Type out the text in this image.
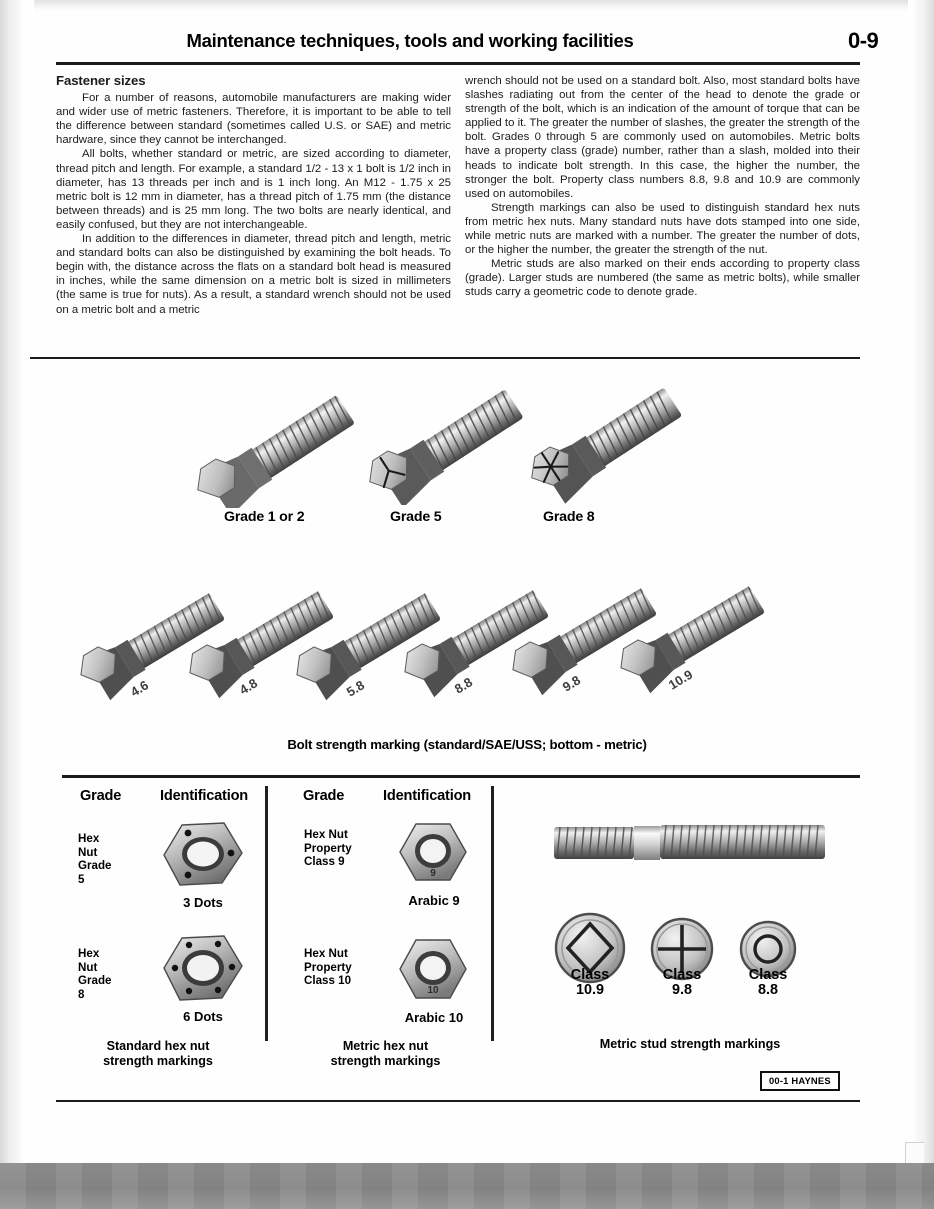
Maintenance techniques, tools and working facilities	0-9
Fastener sizes

For a number of reasons, automobile manufacturers are making wider and wider use of metric fasteners. Therefore, it is important to be able to tell the difference between standard (sometimes called U.S. or SAE) and metric hardware, since they cannot be interchanged.

All bolts, whether standard or metric, are sized according to diameter, thread pitch and length. For example, a standard 1/2 - 13 x 1 bolt is 1/2 inch in diameter, has 13 threads per inch and is 1 inch long. An M12 - 1.75 x 25 metric bolt is 12 mm in diameter, has a thread pitch of 1.75 mm (the distance between threads) and is 25 mm long. The two bolts are nearly identical, and easily confused, but they are not interchangeable.

In addition to the differences in diameter, thread pitch and length, metric and standard bolts can also be distinguished by examining the bolt heads. To begin with, the distance across the flats on a standard bolt head is measured in inches, while the same dimension on a metric bolt is sized in millimeters (the same is true for nuts). As a result, a standard wrench should not be used on a metric bolt and a metric

wrench should not be used on a standard bolt. Also, most standard bolts have slashes radiating out from the center of the head to denote the grade or strength of the bolt, which is an indication of the amount of torque that can be applied to it. The greater the number of slashes, the greater the strength of the bolt. Grades 0 through 5 are commonly used on automobiles. Metric bolts have a property class (grade) number, rather than a slash, molded into their heads to indicate bolt strength. In this case, the higher the number, the stronger the bolt. Property class numbers 8.8, 9.8 and 10.9 are commonly used on automobiles.

Strength markings can also be used to distinguish standard hex nuts from metric hex nuts. Many standard nuts have dots stamped into one side, while metric nuts are marked with a number. The greater the number of dots, or the higher the number, the greater the strength of the nut.

Metric studs are also marked on their ends according to property class (grade). Larger studs are numbered (the same as metric bolts), while smaller studs carry a geometric code to denote grade.

Grade 1 or 2	Grade 5	Grade 8
4.6	4.8	5.8	8.8	9.8	10.9
Bolt strength marking (standard/SAE/USS; bottom - metric)
Grade	Identification
Hex Nut
Grade 5
3 Dots
Hex Nut
Grade 8
6 Dots
Standard hex nut
strength markings
Grade	Identification
Hex Nut
Property
Class 9
9
Arabic 9
Hex Nut
Property
Class 10
10
Arabic 10
Metric hex nut
strength markings
Class
10.9
Class
9.8
Class
8.8
Metric stud strength markings
00-1 HAYNES
